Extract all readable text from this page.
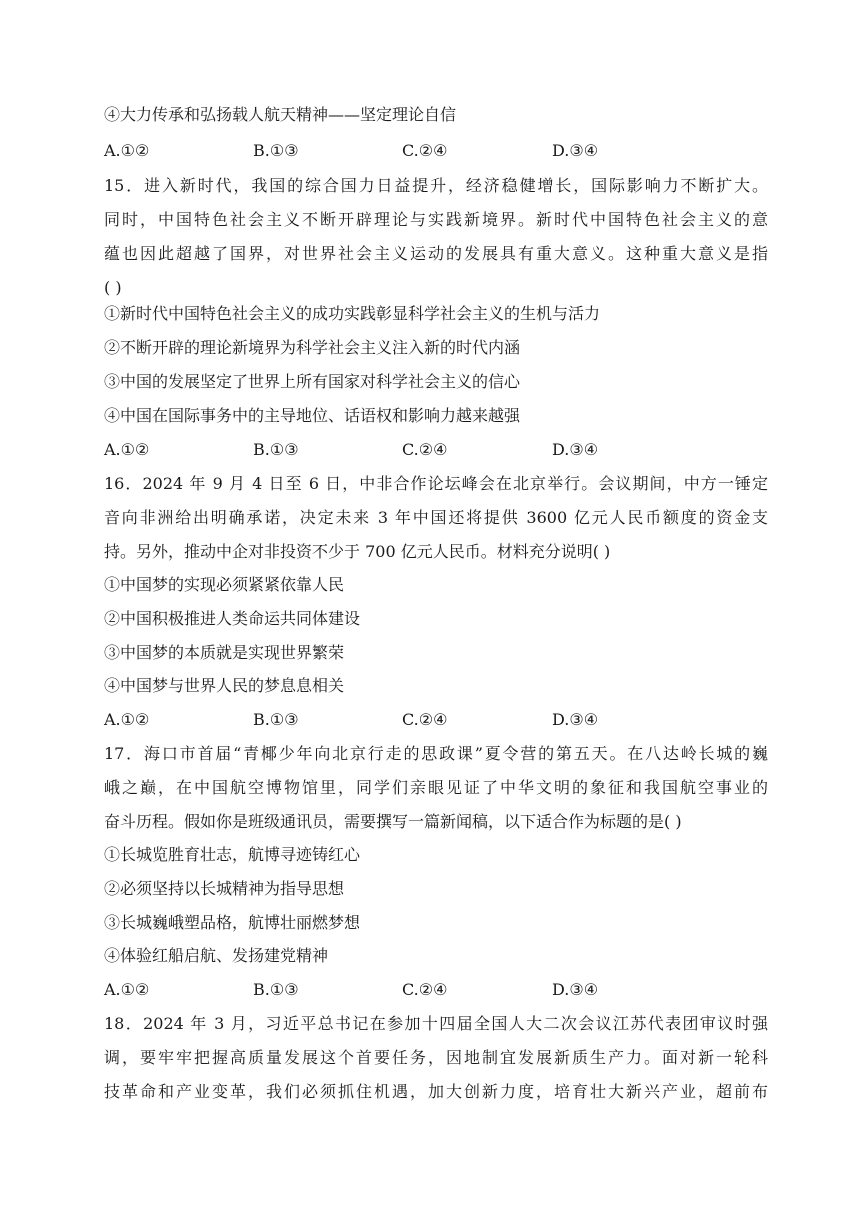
④大力传承和弘扬载人航天精神——坚定理论自信
A.①②	B.①③	C.②④	D.③④
15．进入新时代，我国的综合国力日益提升，经济稳健增长，国际影响力不断扩大。
同时，中国特色社会主义不断开辟理论与实践新境界。新时代中国特色社会主义的意
蕴也因此超越了国界，对世界社会主义运动的发展具有重大意义。这种重大意义是指
( )
①新时代中国特色社会主义的成功实践彰显科学社会主义的生机与活力
②不断开辟的理论新境界为科学社会主义注入新的时代内涵
③中国的发展坚定了世界上所有国家对科学社会主义的信心
④中国在国际事务中的主导地位、话语权和影响力越来越强
A.①②	B.①③	C.②④	D.③④
16．2024 年 9 月 4 日至 6 日，中非合作论坛峰会在北京举行。会议期间，中方一锤定
音向非洲给出明确承诺，决定未来 3 年中国还将提供 3600 亿元人民币额度的资金支
持。另外，推动中企对非投资不少于 700 亿元人民币。材料充分说明( )
①中国梦的实现必须紧紧依靠人民
②中国积极推进人类命运共同体建设
③中国梦的本质就是实现世界繁荣
④中国梦与世界人民的梦息息相关
A.①②	B.①③	C.②④	D.③④
17．海口市首届“青椰少年向北京行走的思政课”夏令营的第五天。在八达岭长城的巍
峨之巅，在中国航空博物馆里，同学们亲眼见证了中华文明的象征和我国航空事业的
奋斗历程。假如你是班级通讯员，需要撰写一篇新闻稿，以下适合作为标题的是( )
①长城览胜育壮志，航博寻迹铸红心
②必须坚持以长城精神为指导思想
③长城巍峨塑品格，航博壮丽燃梦想
④体验红船启航、发扬建党精神
A.①②	B.①③	C.②④	D.③④
18．2024 年 3 月，习近平总书记在参加十四届全国人大二次会议江苏代表团审议时强
调，要牢牢把握高质量发展这个首要任务，因地制宜发展新质生产力。面对新一轮科
技革命和产业变革，我们必须抓住机遇，加大创新力度，培育壮大新兴产业，超前布
